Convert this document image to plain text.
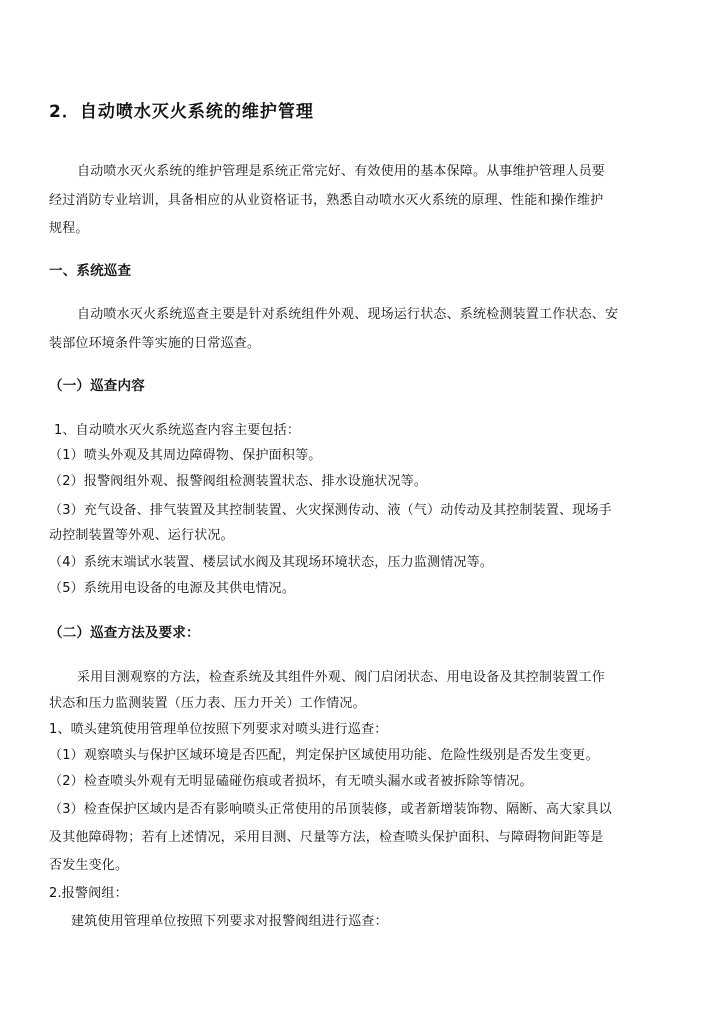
2．自动喷水灭火系统的维护管理
自动喷水灭火系统的维护管理是系统正常完好、有效使用的基本保障。从事维护管理人员要
经过消防专业培训，具备相应的从业资格证书，熟悉自动喷水灭火系统的原理、性能和操作维护
规程。
一、系统巡查
自动喷水灭火系统巡查主要是针对系统组件外观、现场运行状态、系统检测装置工作状态、安
装部位环境条件等实施的日常巡查。
（一）巡查内容
1、自动喷水灭火系统巡查内容主要包括：
（1）喷头外观及其周边障碍物、保护面积等。
（2）报警阀组外观、报警阀组检测装置状态、排水设施状况等。
（3）充气设备、排气装置及其控制装置、火灾探测传动、液（气）动传动及其控制装置、现场手
动控制装置等外观、运行状况。
（4）系统末端试水装置、楼层试水阀及其现场环境状态，压力监测情况等。
（5）系统用电设备的电源及其供电情况。
（二）巡查方法及要求：
采用目测观察的方法，检查系统及其组件外观、阀门启闭状态、用电设备及其控制装置工作
状态和压力监测装置（压力表、压力开关）工作情况。
1、喷头建筑使用管理单位按照下列要求对喷头进行巡查：
（1）观察喷头与保护区域环境是否匹配，判定保护区域使用功能、危险性级别是否发生变更。
（2）检查喷头外观有无明显磕碰伤痕或者损坏，有无喷头漏水或者被拆除等情况。
（3）检查保护区域内是否有影响喷头正常使用的吊顶装修，或者新增装饰物、隔断、高大家具以
及其他障碍物；若有上述情况，采用目测、尺量等方法，检查喷头保护面积、与障碍物间距等是
否发生变化。
2.报警阀组：
建筑使用管理单位按照下列要求对报警阀组进行巡查：
